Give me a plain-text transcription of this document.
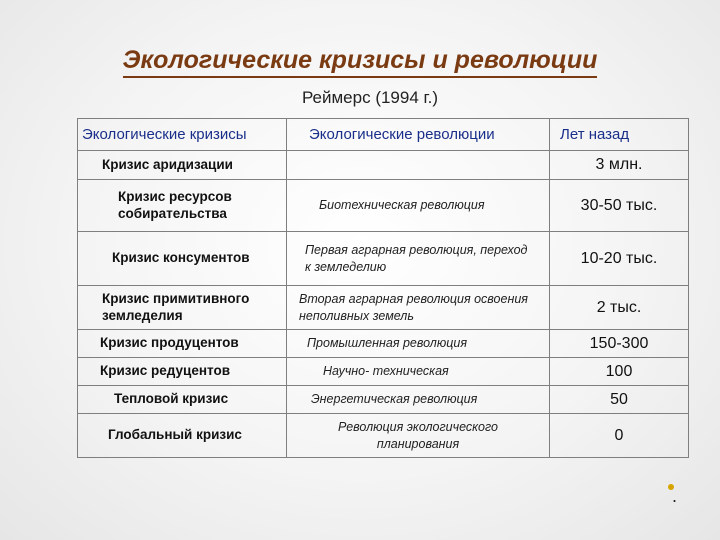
Экологические кризисы и революции
Реймерс (1994 г.)
Экологические кризисы	Экологические революции	Лет назад
Кризис аридизации		3 млн.
Кризис ресурсов собирательства	Биотехническая революция	30-50 тыс.
Кризис консументов	Первая аграрная революция, переход к земледелию	10-20 тыс.
Кризис примитивного земледелия	Вторая аграрная революция освоения неполивных земель	2 тыс.
Кризис продуцентов	Промышленная революция	150-300
Кризис редуцентов	Научно- техническая	100
Тепловой кризис	Энергетическая революция	50
Глобальный кризис	Революция экологического планирования	0
.
